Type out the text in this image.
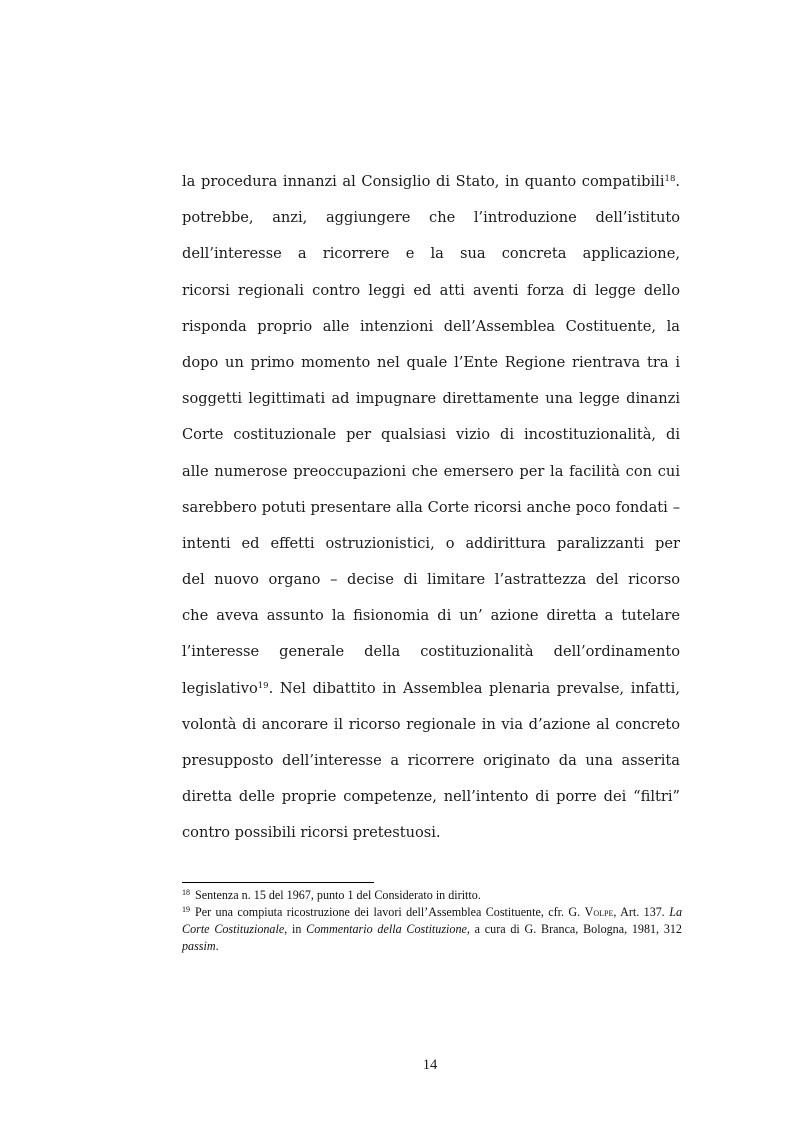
la procedura innanzi al Consiglio di Stato, in quanto compatibili$^{18}$.
potrebbe, anzi, aggiungere che l’introduzione dell’istituto
dell’interesse a ricorrere e la sua concreta applicazione,
ricorsi regionali contro leggi ed atti aventi forza di legge dello
risponda proprio alle intenzioni dell’Assemblea Costituente, la
dopo un primo momento nel quale l’Ente Regione rientrava tra i
soggetti legittimati ad impugnare direttamente una legge dinanzi
Corte costituzionale per qualsiasi vizio di incostituzionalità, di
alle numerose preoccupazioni che emersero per la facilità con cui
sarebbero potuti presentare alla Corte ricorsi anche poco fondati –
intenti ed effetti ostruzionistici, o addirittura paralizzanti per
del nuovo organo – decise di limitare l’astrattezza del ricorso
che aveva assunto la fisionomia di un’ azione diretta a tutelare
l’interesse generale della costituzionalità dell’ordinamento
legislativo$^{19}$. Nel dibattito in Assemblea plenaria prevalse, infatti,
volontà di ancorare il ricorso regionale in via d’azione al concreto
presupposto dell’interesse a ricorrere originato da una asserita
diretta delle proprie competenze, nell’intento di porre dei “filtri”
contro possibili ricorsi pretestuosi.
$^{18}$ Sentenza n. 15 del 1967, punto 1 del Considerato in diritto.
$^{19}$ Per una compiuta ricostruzione dei lavori dell’Assemblea Costituente, cfr. G. Volpe, Art. 137. La Corte Costituzionale, in Commentario della Costituzione, a cura di G. Branca, Bologna, 1981, 312 passim.
14
